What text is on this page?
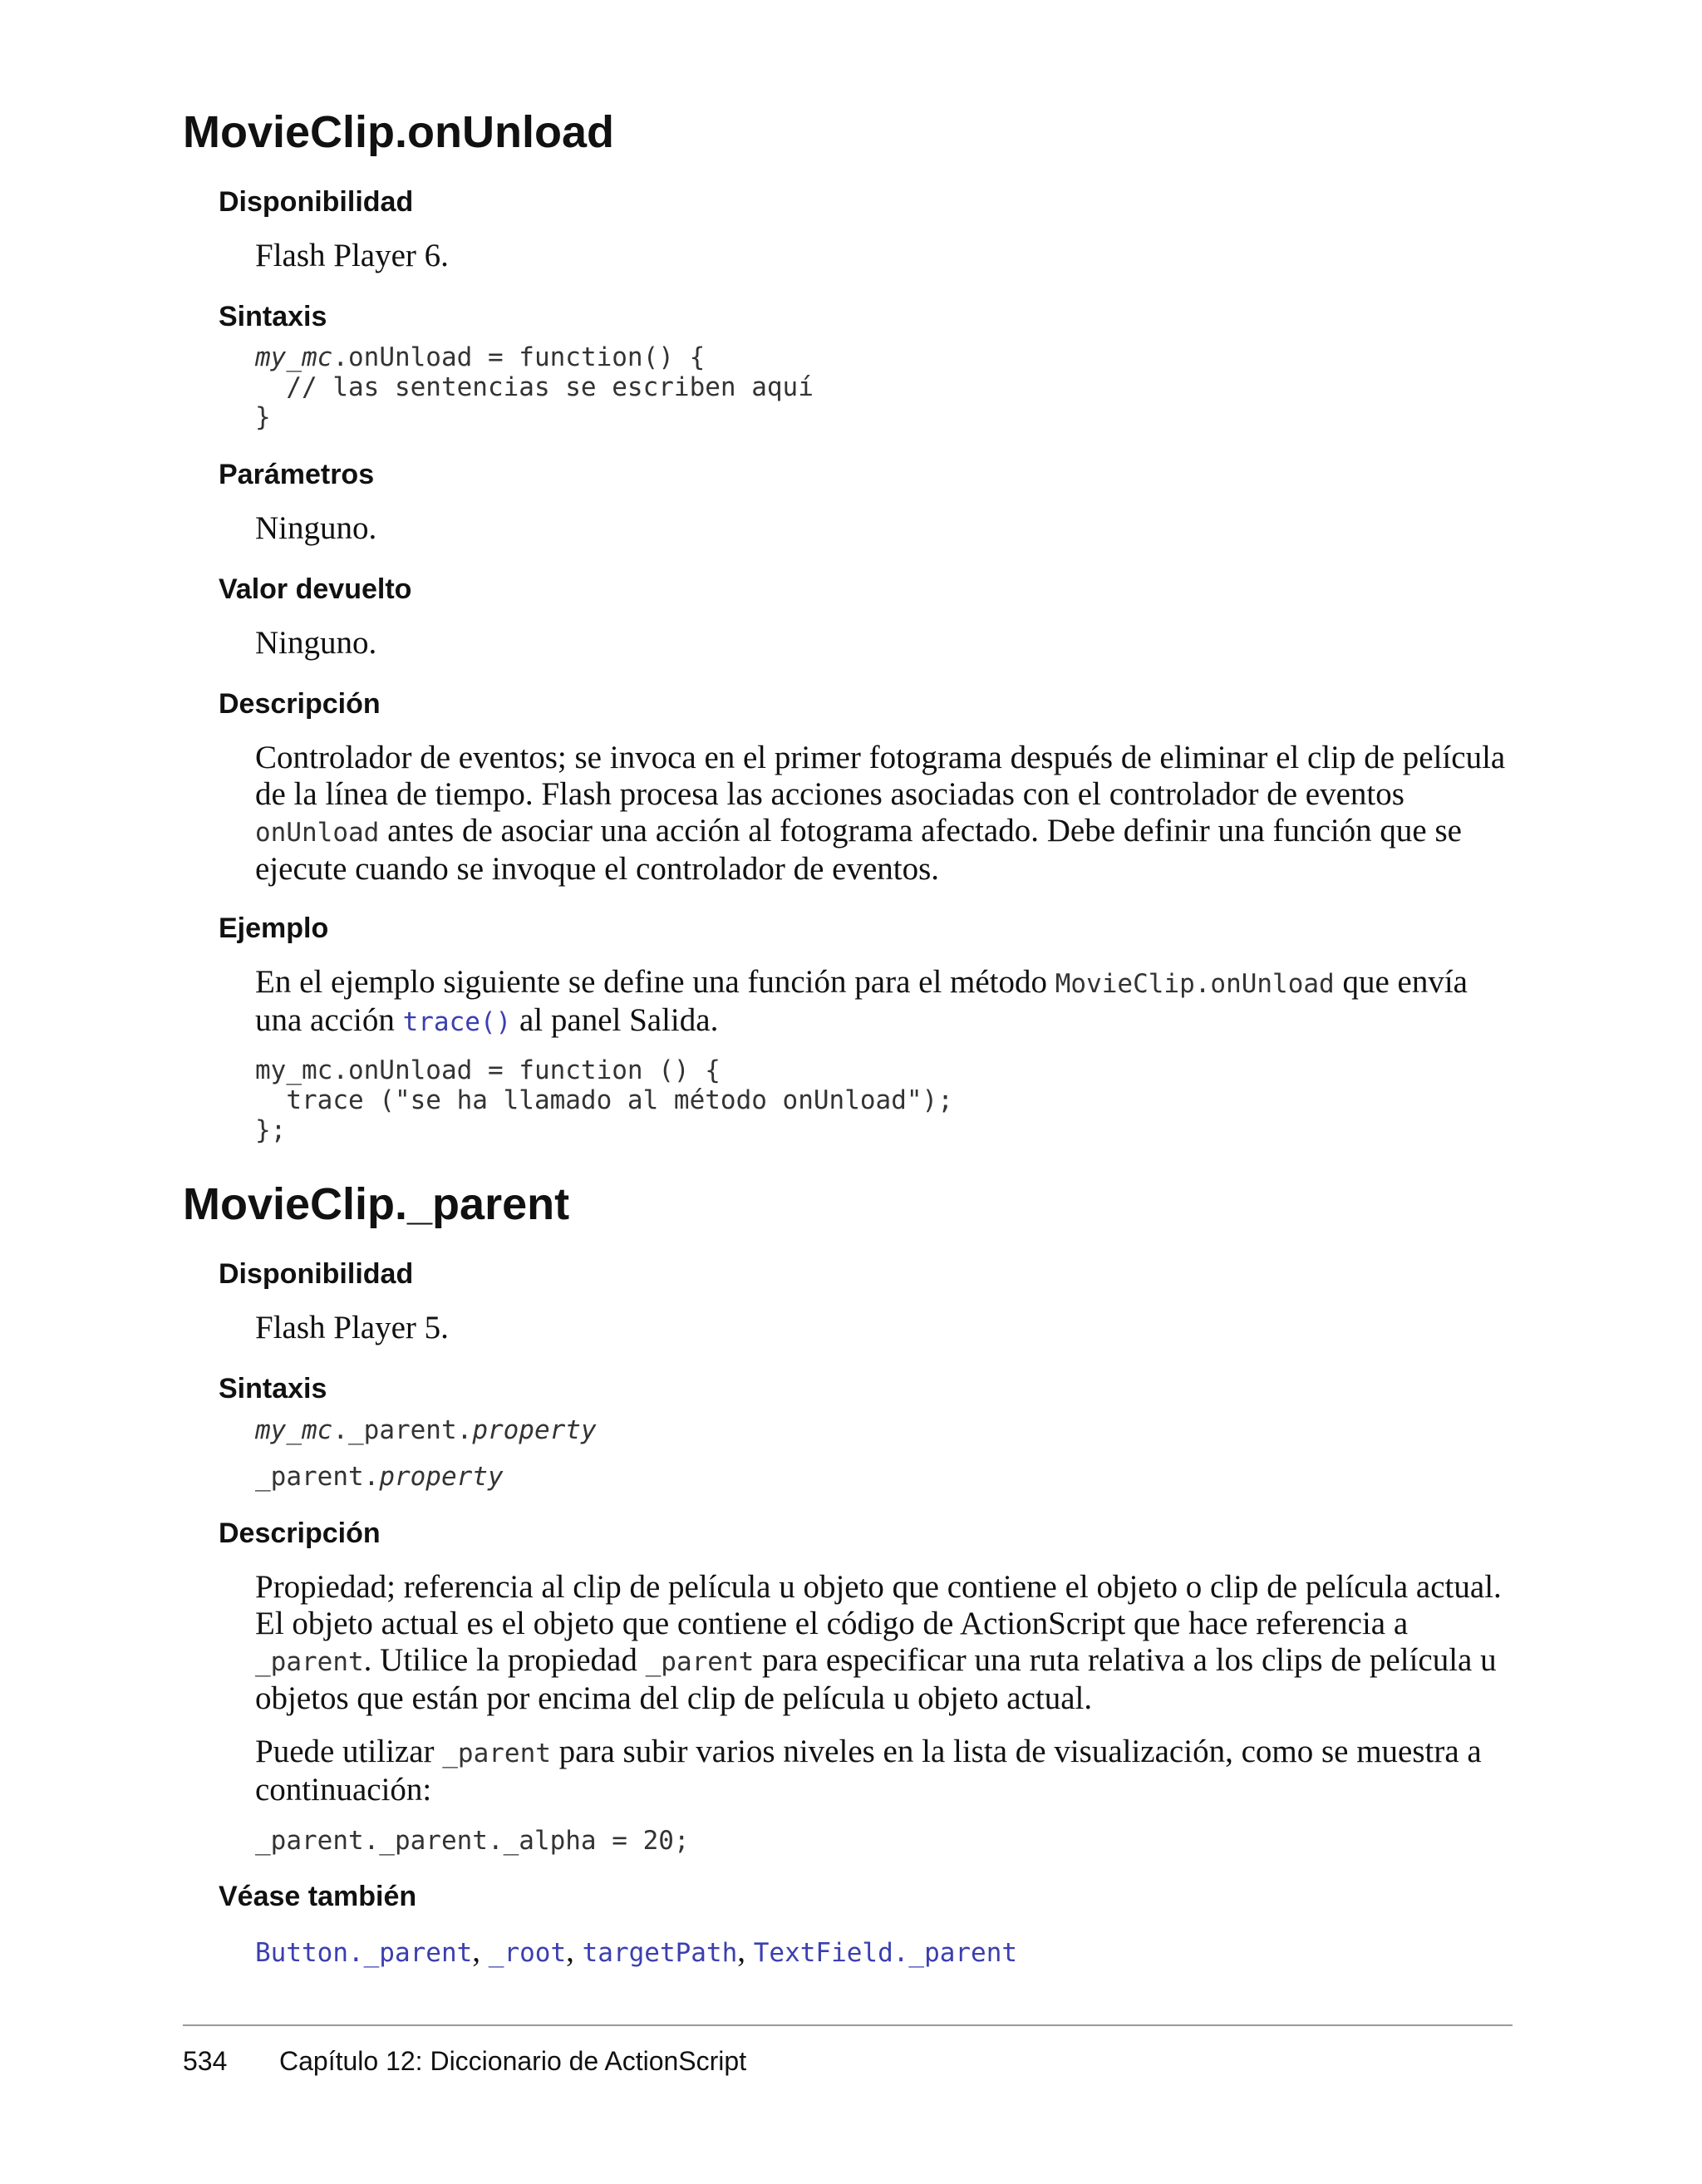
MovieClip.onUnload
Disponibilidad

Flash Player 6.

Sintaxis
my_mc.onUnload = function() {
// las sentencias se escriben aquí
}
Parámetros

Ninguno.

Valor devuelto

Ninguno.

Descripción

Controlador de eventos; se invoca en el primer fotograma después de eliminar el clip de película de la línea de tiempo. Flash procesa las acciones asociadas con el controlador de eventos onUnload antes de asociar una acción al fotograma afectado. Debe definir una función que se ejecute cuando se invoque el controlador de eventos.

Ejemplo

En el ejemplo siguiente se define una función para el método MovieClip.onUnload que envía una acción trace() al panel Salida.

my_mc.onUnload = function () {
trace ("se ha llamado al método onUnload");
};
MovieClip._parent
Disponibilidad

Flash Player 5.

Sintaxis
my_mc._parent.property
_parent.property
Descripción

Propiedad; referencia al clip de película u objeto que contiene el objeto o clip de película actual. El objeto actual es el objeto que contiene el código de ActionScript que hace referencia a _parent. Utilice la propiedad _parent para especificar una ruta relativa a los clips de película u objetos que están por encima del clip de película u objeto actual.

Puede utilizar _parent para subir varios niveles en la lista de visualización, como se muestra a continuación:

_parent._parent._alpha = 20;
Véase también

Button._parent, _root, targetPath, TextField._parent

534 Capítulo 12: Diccionario de ActionScript
